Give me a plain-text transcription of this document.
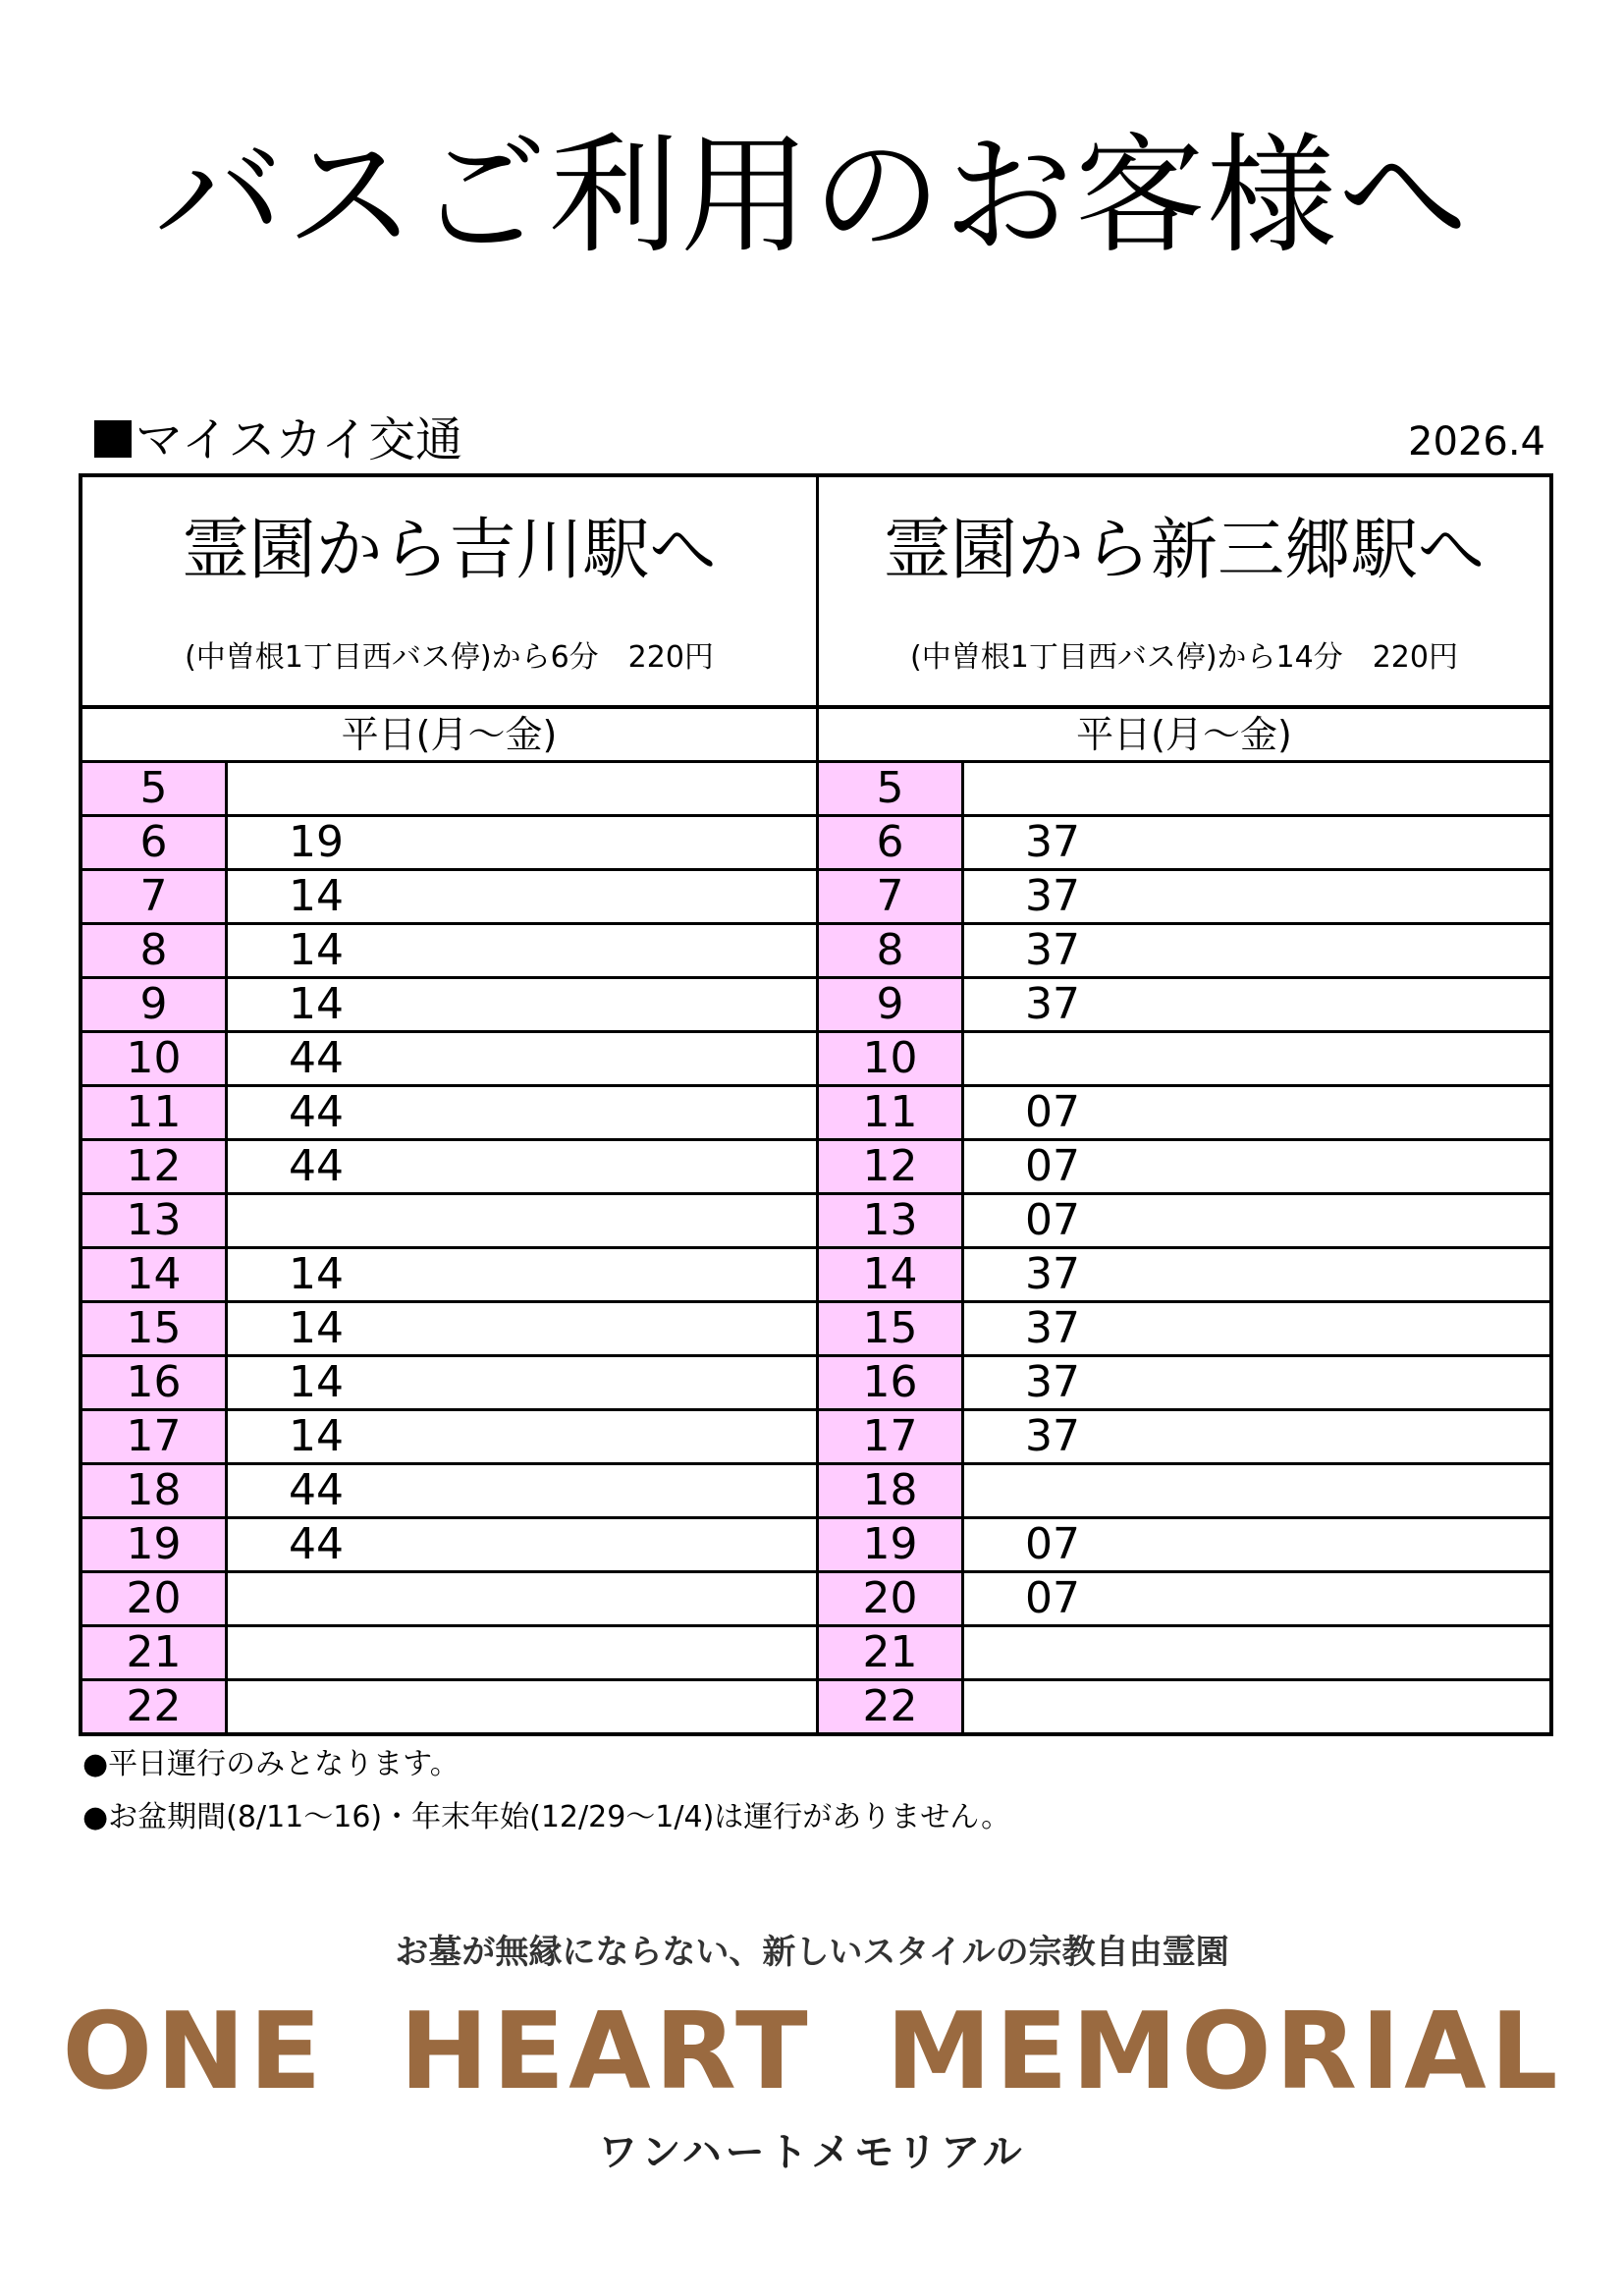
バスご利用のお客様へ
マイスカイ交通	2026.4
霊園から吉川駅へ
(中曽根1丁目西バス停)から6分　220円
平日(月～金)
5
6	19
7	14
8	14
9	14
10	44
11	44
12	44
13
14	14
15	14
16	14
17	14
18	44
19	44
20
21
22
霊園から新三郷駅へ
(中曽根1丁目西バス停)から14分　220円
平日(月～金)
5
6	37
7	37
8	37
9	37
10
11	07
12	07
13	07
14	37
15	37
16	37
17	37
18
19	07
20	07
21
22
●平日運行のみとなります。
●お盆期間(8/11～16)・年末年始(12/29～1/4)は運行がありません。
お墓が無縁にならない、新しいスタイルの宗教自由霊園
ONE HEART MEMORIAL
ワンハートメモリアル
